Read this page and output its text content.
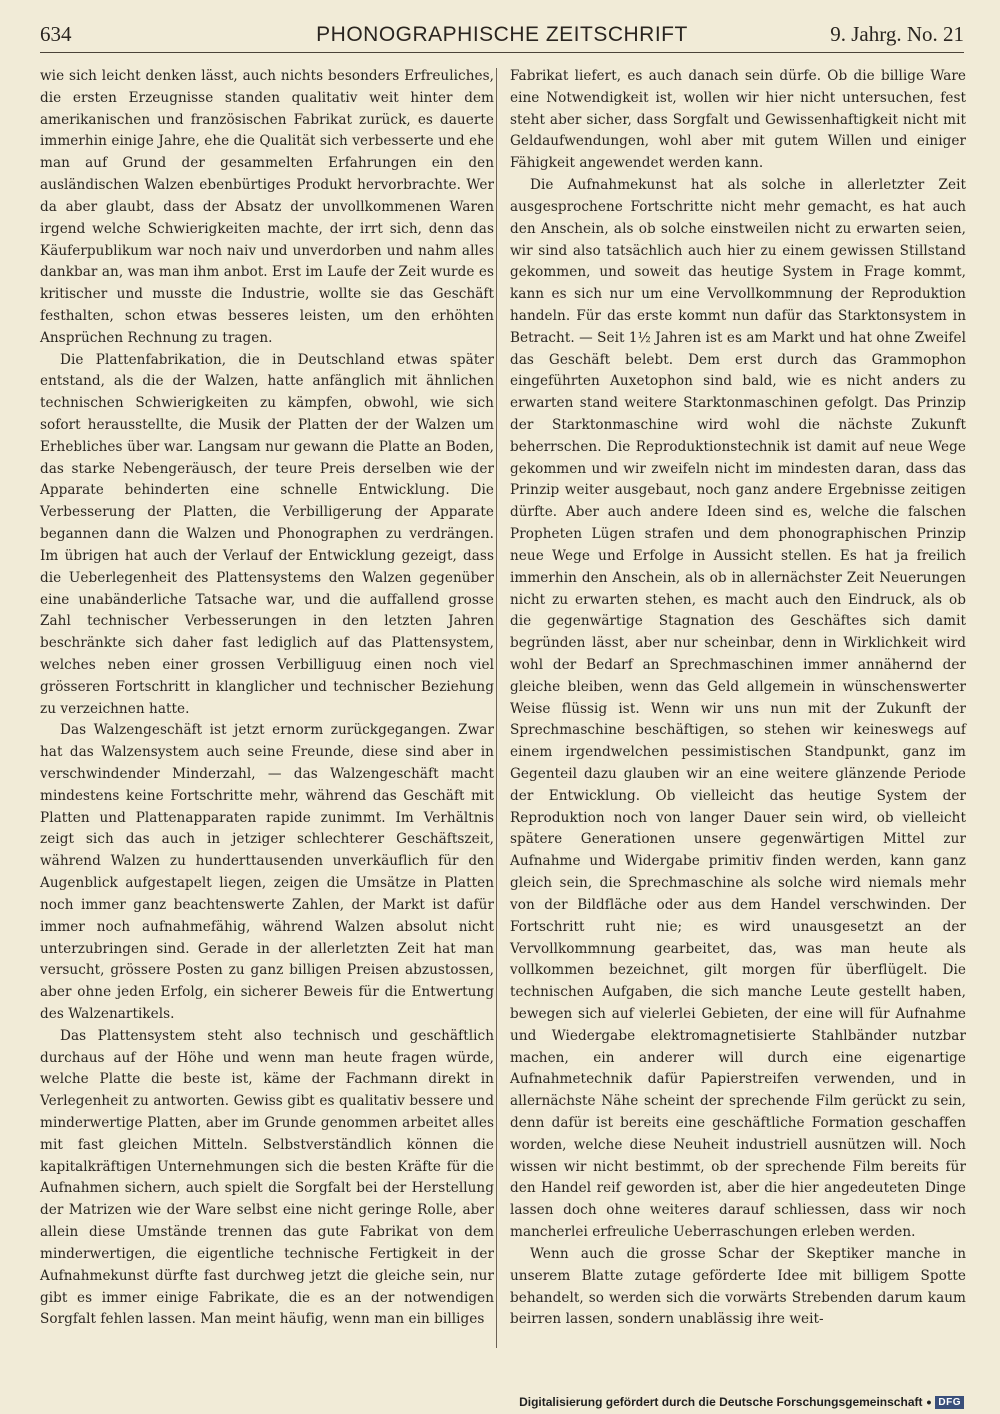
634	PHONOGRAPHISCHE ZEITSCHRIFT	9. Jahrg. No. 21

wie sich leicht denken lässt, auch nichts besonders Erfreuliches, die ersten Erzeugnisse standen qualitativ weit hinter dem amerikanischen und französischen Fabrikat zurück, es dauerte immerhin einige Jahre, ehe die Qualität sich verbesserte und ehe man auf Grund der gesammelten Erfahrungen ein den ausländischen Walzen ebenbürtiges Produkt hervorbrachte. Wer da aber glaubt, dass der Absatz der unvollkommenen Waren irgend welche Schwierigkeiten machte, der irrt sich, denn das Käuferpublikum war noch naiv und unverdorben und nahm alles dankbar an, was man ihm anbot. Erst im Laufe der Zeit wurde es kritischer und musste die Industrie, wollte sie das Geschäft festhalten, schon etwas besseres leisten, um den erhöhten Ansprüchen Rechnung zu tragen.

Die Plattenfabrikation, die in Deutschland etwas später entstand, als die der Walzen, hatte anfänglich mit ähnlichen technischen Schwierigkeiten zu kämpfen, obwohl, wie sich sofort herausstellte, die Musik der Platten der der Walzen um Erhebliches über war. Langsam nur gewann die Platte an Boden, das starke Nebengeräusch, der teure Preis derselben wie der Apparate behinderten eine schnelle Entwicklung. Die Verbesserung der Platten, die Verbilligerung der Apparate begannen dann die Walzen und Phonographen zu verdrängen. Im übrigen hat auch der Verlauf der Entwicklung gezeigt, dass die Ueberlegenheit des Plattensystems den Walzen gegenüber eine unabänderliche Tatsache war, und die auffallend grosse Zahl technischer Verbesserungen in den letzten Jahren beschränkte sich daher fast lediglich auf das Plattensystem, welches neben einer grossen Verbilliguug einen noch viel grösseren Fortschritt in klanglicher und technischer Beziehung zu verzeichnen hatte.

Das Walzengeschäft ist jetzt ernorm zurückgegangen. Zwar hat das Walzensystem auch seine Freunde, diese sind aber in verschwindender Minderzahl, — das Walzengeschäft macht mindestens keine Fortschritte mehr, während das Geschäft mit Platten und Plattenapparaten rapide zunimmt. Im Verhältnis zeigt sich das auch in jetziger schlechterer Geschäftszeit, während Walzen zu hunderttausenden unverkäuflich für den Augenblick aufgestapelt liegen, zeigen die Umsätze in Platten noch immer ganz beachtenswerte Zahlen, der Markt ist dafür immer noch aufnahmefähig, während Walzen absolut nicht unterzubringen sind. Gerade in der allerletzten Zeit hat man versucht, grössere Posten zu ganz billigen Preisen abzustossen, aber ohne jeden Erfolg, ein sicherer Beweis für die Entwertung des Walzenartikels.

Das Plattensystem steht also technisch und geschäftlich durchaus auf der Höhe und wenn man heute fragen würde, welche Platte die beste ist, käme der Fachmann direkt in Verlegenheit zu antworten. Gewiss gibt es qualitativ bessere und minderwertige Platten, aber im Grunde genommen arbeitet alles mit fast gleichen Mitteln. Selbstverständlich können die kapitalkräftigen Unternehmungen sich die besten Kräfte für die Aufnahmen sichern, auch spielt die Sorgfalt bei der Herstellung der Matrizen wie der Ware selbst eine nicht geringe Rolle, aber allein diese Umstände trennen das gute Fabrikat von dem minderwertigen, die eigentliche technische Fertigkeit in der Aufnahmekunst dürfte fast durchweg jetzt die gleiche sein, nur gibt es immer einige Fabrikate, die es an der notwendigen Sorgfalt fehlen lassen. Man meint häufig, wenn man ein billiges

Fabrikat liefert, es auch danach sein dürfe. Ob die billige Ware eine Notwendigkeit ist, wollen wir hier nicht untersuchen, fest steht aber sicher, dass Sorgfalt und Gewissenhaftigkeit nicht mit Geldaufwendungen, wohl aber mit gutem Willen und einiger Fähigkeit angewendet werden kann.

Die Aufnahmekunst hat als solche in allerletzter Zeit ausgesprochene Fortschritte nicht mehr gemacht, es hat auch den Anschein, als ob solche einstweilen nicht zu erwarten seien, wir sind also tatsächlich auch hier zu einem gewissen Stillstand gekommen, und soweit das heutige System in Frage kommt, kann es sich nur um eine Vervollkommnung der Reproduktion handeln. Für das erste kommt nun dafür das Starktonsystem in Betracht. — Seit 1½ Jahren ist es am Markt und hat ohne Zweifel das Geschäft belebt. Dem erst durch das Grammophon eingeführten Auxetophon sind bald, wie es nicht anders zu erwarten stand weitere Starktonmaschinen gefolgt. Das Prinzip der Starktonmaschine wird wohl die nächste Zukunft beherrschen. Die Reproduktionstechnik ist damit auf neue Wege gekommen und wir zweifeln nicht im mindesten daran, dass das Prinzip weiter ausgebaut, noch ganz andere Ergebnisse zeitigen dürfte. Aber auch andere Ideen sind es, welche die falschen Propheten Lügen strafen und dem phonographischen Prinzip neue Wege und Erfolge in Aussicht stellen. Es hat ja freilich immerhin den Anschein, als ob in allernächster Zeit Neuerungen nicht zu erwarten stehen, es macht auch den Eindruck, als ob die gegenwärtige Stagnation des Geschäftes sich damit begründen lässt, aber nur scheinbar, denn in Wirklichkeit wird wohl der Bedarf an Sprechmaschinen immer annähernd der gleiche bleiben, wenn das Geld allgemein in wünschenswerter Weise flüssig ist. Wenn wir uns nun mit der Zukunft der Sprechmaschine beschäftigen, so stehen wir keineswegs auf einem irgendwelchen pessimistischen Standpunkt, ganz im Gegenteil dazu glauben wir an eine weitere glänzende Periode der Entwicklung. Ob vielleicht das heutige System der Reproduktion noch von langer Dauer sein wird, ob vielleicht spätere Generationen unsere gegenwärtigen Mittel zur Aufnahme und Widergabe primitiv finden werden, kann ganz gleich sein, die Sprechmaschine als solche wird niemals mehr von der Bildfläche oder aus dem Handel verschwinden. Der Fortschritt ruht nie; es wird unausgesetzt an der Vervollkommnung gearbeitet, das, was man heute als vollkommen bezeichnet, gilt morgen für überflügelt. Die technischen Aufgaben, die sich manche Leute gestellt haben, bewegen sich auf vielerlei Gebieten, der eine will für Aufnahme und Wiedergabe elektromagnetisierte Stahlbänder nutzbar machen, ein anderer will durch eine eigenartige Aufnahmetechnik dafür Papierstreifen verwenden, und in allernächste Nähe scheint der sprechende Film gerückt zu sein, denn dafür ist bereits eine geschäftliche Formation geschaffen worden, welche diese Neuheit industriell ausnützen will. Noch wissen wir nicht bestimmt, ob der sprechende Film bereits für den Handel reif geworden ist, aber die hier angedeuteten Dinge lassen doch ohne weiteres darauf schliessen, dass wir noch mancherlei erfreuliche Ueberraschungen erleben werden.

Wenn auch die grosse Schar der Skeptiker manche in unserem Blatte zutage geförderte Idee mit billigem Spotte behandelt, so werden sich die vorwärts Strebenden darum kaum beirren lassen, sondern unablässig ihre weit-

Digitalisierung gefördert durch die Deutsche Forschungsgemeinschaft • DFG
